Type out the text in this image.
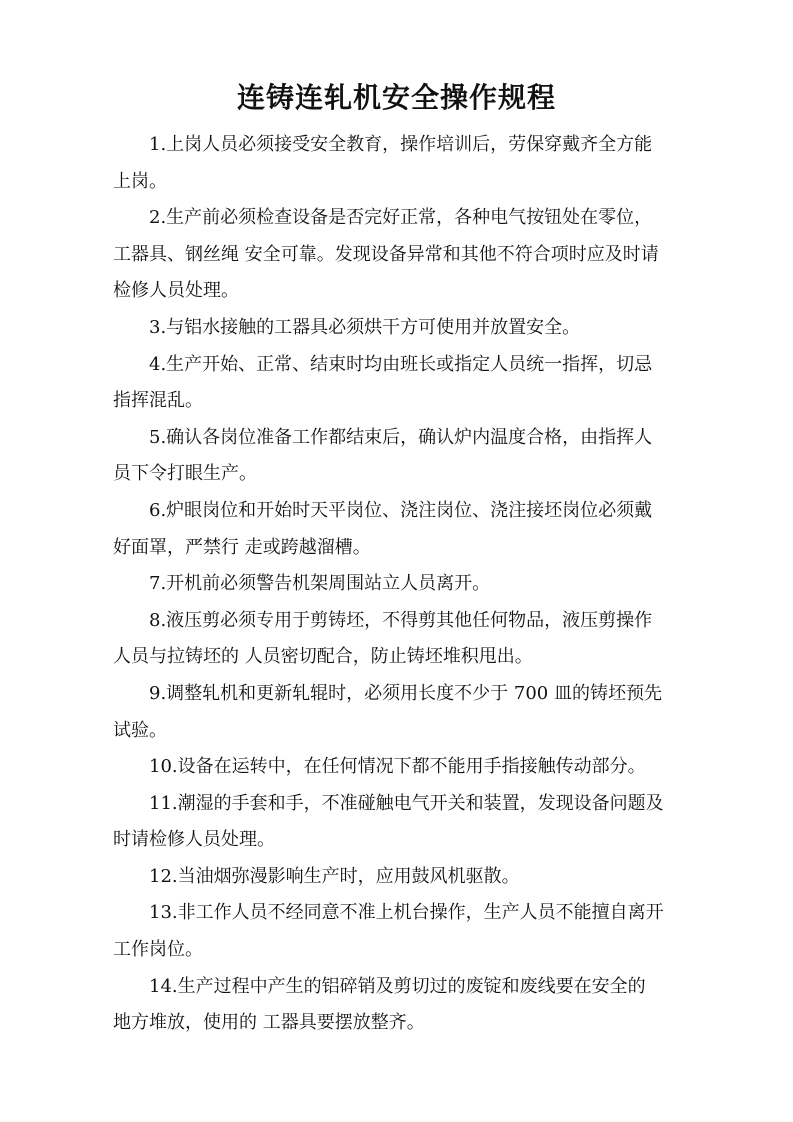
连铸连轧机安全操作规程
1.上岗人员必须接受安全教育，操作培训后，劳保穿戴齐全方能
上岗。
2.生产前必须检查设备是否完好正常，各种电气按钮处在零位，
工器具、钢丝绳 安全可靠。发现设备异常和其他不符合项时应及时请
检修人员处理。
3.与铝水接触的工器具必须烘干方可使用并放置安全。
4.生产开始、正常、结束时均由班长或指定人员统一指挥，切忌
指挥混乱。
5.确认各岗位准备工作都结束后，确认炉内温度合格，由指挥人
员下令打眼生产。
6.炉眼岗位和开始时天平岗位、浇注岗位、浇注接坯岗位必须戴
好面罩，严禁行 走或跨越溜槽。
7.开机前必须警告机架周围站立人员离开。
8.液压剪必须专用于剪铸坯，不得剪其他任何物品，液压剪操作
人员与拉铸坯的 人员密切配合，防止铸坯堆积甩出。
9.调整轧机和更新轧辊时，必须用长度不少于 700 皿的铸坯预先
试验。
10.设备在运转中，在任何情况下都不能用手指接触传动部分。
11.潮湿的手套和手，不准碰触电气开关和装置，发现设备问题及
时请检修人员处理。
12.当油烟弥漫影响生产时，应用鼓风机驱散。
13.非工作人员不经同意不准上机台操作，生产人员不能擅自离开
工作岗位。
14.生产过程中产生的铝碎销及剪切过的废锭和废线要在安全的
地方堆放，使用的 工器具要摆放整齐。
